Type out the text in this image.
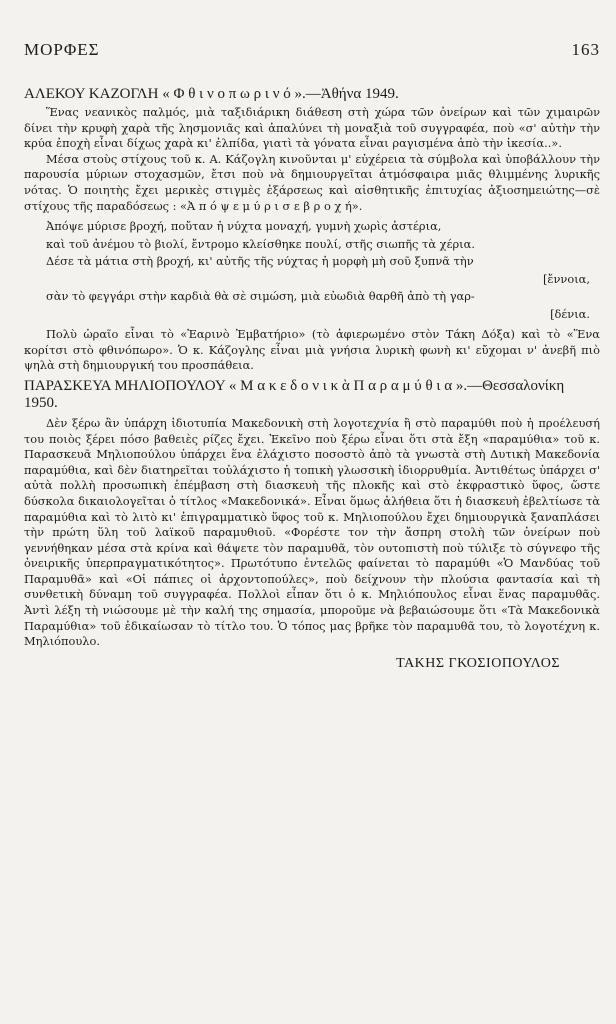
ΜΟΡΦΕΣ	163
ΑΛΕΚΟΥ ΚΑΖΟΓΛΗ « Φ θ ι ν ο π ω ρ ι ν ό ».—Ἀθήνα 1949.

Ἕνας νεανικὸς παλμός, μιὰ ταξιδιάρικη διάθεση στὴ χώρα τῶν ὀνείρων καὶ τῶν χιμαιρῶν δίνει τὴν κρυφὴ χαρὰ τῆς λησμονιᾶς καὶ ἁπαλύνει τὴ μοναξιὰ τοῦ συγγραφέα, ποὺ «σ' αὐτὴν τὴν κρύα ἐποχὴ εἶναι δίχως χαρὰ κι' ἐλπίδα, γιατὶ τὰ γόνατα εἶναι ραγισμένα ἀπὸ τὴν ἱκεσία..».

Μέσα στοὺς στίχους τοῦ κ. Α. Κάζογλη κινοῦνται μ' εὐχέρεια τὰ σύμβολα καὶ ὑποβάλλουν τὴν παρουσία μύριων στοχασμῶν, ἔτσι ποὺ νὰ δημιουργεῖται ἀτμόσφαιρα μιᾶς θλιμμένης λυρικῆς νότας. Ὁ ποιητὴς ἔχει μερικὲς στιγμὲς ἐξάρσεως καὶ αἰσθητικῆς ἐπιτυχίας ἀξιοσημειώτης—σὲ στίχους τῆς παραδόσεως : «Ἀ π ό ψ ε μ ύ ρ ι σ ε β ρ ο χ ή».

Ἀπόψε μύρισε βροχή, ποὔταν ἡ νύχτα μοναχή, γυμνὴ χωρὶς ἀστέρια,
καὶ τοῦ ἀνέμου τὸ βιολί, ἔντρομο κλείσθηκε πουλί, στῆς σιωπῆς τὰ χέρια.
Δέσε τὰ μάτια στὴ βροχή, κι' αὐτῆς τῆς νύχτας ἡ μορφὴ μὴ σοῦ ξυπνᾶ τὴν
[ἔννοια,
σὰν τὸ φεγγάρι στὴν καρδιὰ θὰ σὲ σιμώση, μιὰ εὐωδιὰ θαρθῆ ἀπὸ τὴ γαρ-
[δένια.

Πολὺ ὡραῖο εἶναι τὸ «Ἐαρινὸ Ἐμβατήριο» (τὸ ἀφιερωμένο στὸν Τάκη Δόξα) καὶ τὸ «Ἕνα κορίτσι στὸ φθινόπωρο». Ὁ κ. Κάζογλης εἶναι μιὰ γνήσια λυρικὴ φωνὴ κι' εὔχομαι ν' ἀνεβῆ πιὸ ψηλὰ στὴ δημιουργική του προσπάθεια.

ΠΑΡΑΣΚΕΥΑ ΜΗΛΙΟΠΟΥΛΟΥ « Μ α κ ε δ ο ν ι κ ὰ Π α ρ α μ ύ θ ι α ».—Θεσσαλονίκη 1950.

Δὲν ξέρω ἂν ὑπάρχη ἰδιοτυπία Μακεδονικὴ στὴ λογοτεχνία ἢ στὸ παραμύθι ποὺ ἡ προέλευσή του ποιὸς ξέρει πόσο βαθειὲς ρίζες ἔχει. Ἐκεῖνο ποὺ ξέρω εἶναι ὅτι στὰ ἔξη «παραμύθια» τοῦ κ. Παρασκευᾶ Μηλιοπούλου ὑπάρχει ἕνα ἐλάχιστο ποσοστὸ ἀπὸ τὰ γνωστὰ στὴ Δυτικὴ Μακεδονία παραμύθια, καὶ δὲν διατηρεῖται τοὐλάχιστο ἡ τοπικὴ γλωσσικὴ ἰδιορρυθμία. Ἀντιθέτως ὑπάρχει σ' αὐτὰ πολλὴ προσωπικὴ ἐπέμβαση στὴ διασκευὴ τῆς πλοκῆς καὶ στὸ ἐκφραστικὸ ὕφος, ὥστε δύσκολα δικαιολογεῖται ὁ τίτλος «Μακεδονικά». Εἶναι ὅμως ἀλήθεια ὅτι ἡ διασκευὴ ἐβελτίωσε τὰ παραμύθια καὶ τὸ λιτὸ κι' ἐπιγραμματικὸ ὕφος τοῦ κ. Μηλιοπούλου ἔχει δημιουργικὰ ξαναπλάσει τὴν πρώτη ὕλη τοῦ λαϊκοῦ παραμυθιοῦ. «Φορέστε τον τὴν ἄσπρη στολὴ τῶν ὀνείρων ποὺ γεννήθηκαν μέσα στὰ κρίνα καὶ θάψετε τὸν παραμυθᾶ, τὸν ουτοπιστὴ ποὺ τύλιξε τὸ σύγνεφο τῆς ὀνειρικῆς ὑπερπραγματικότητος». Πρωτότυπο ἐντελῶς φαίνεται τὸ παραμύθι «Ὁ Μανδύας τοῦ Παραμυθᾶ» καὶ «Οἱ πάπιες οἱ ἀρχοντοπούλες», ποὺ δείχνουν τὴν πλούσια φαντασία καὶ τὴ συνθετικὴ δύναμη τοῦ συγγραφέα. Πολλοὶ εἶπαν ὅτι ὁ κ. Μηλιόπουλος εἶναι ἕνας παραμυθᾶς. Ἀντὶ λέξη τὴ νιώσουμε μὲ τὴν καλή της σημασία, μποροῦμε νὰ βεβαιώσουμε ὅτι «Τὰ Μακεδονικὰ Παραμύθια» τοῦ ἐδικαίωσαν τὸ τίτλο του. Ὁ τόπος μας βρῆκε τὸν παραμυθᾶ του, τὸ λογοτέχνη κ. Μηλιόπουλο.

ΤΑΚΗΣ ΓΚΟΣΙΟΠΟΥΛΟΣ
